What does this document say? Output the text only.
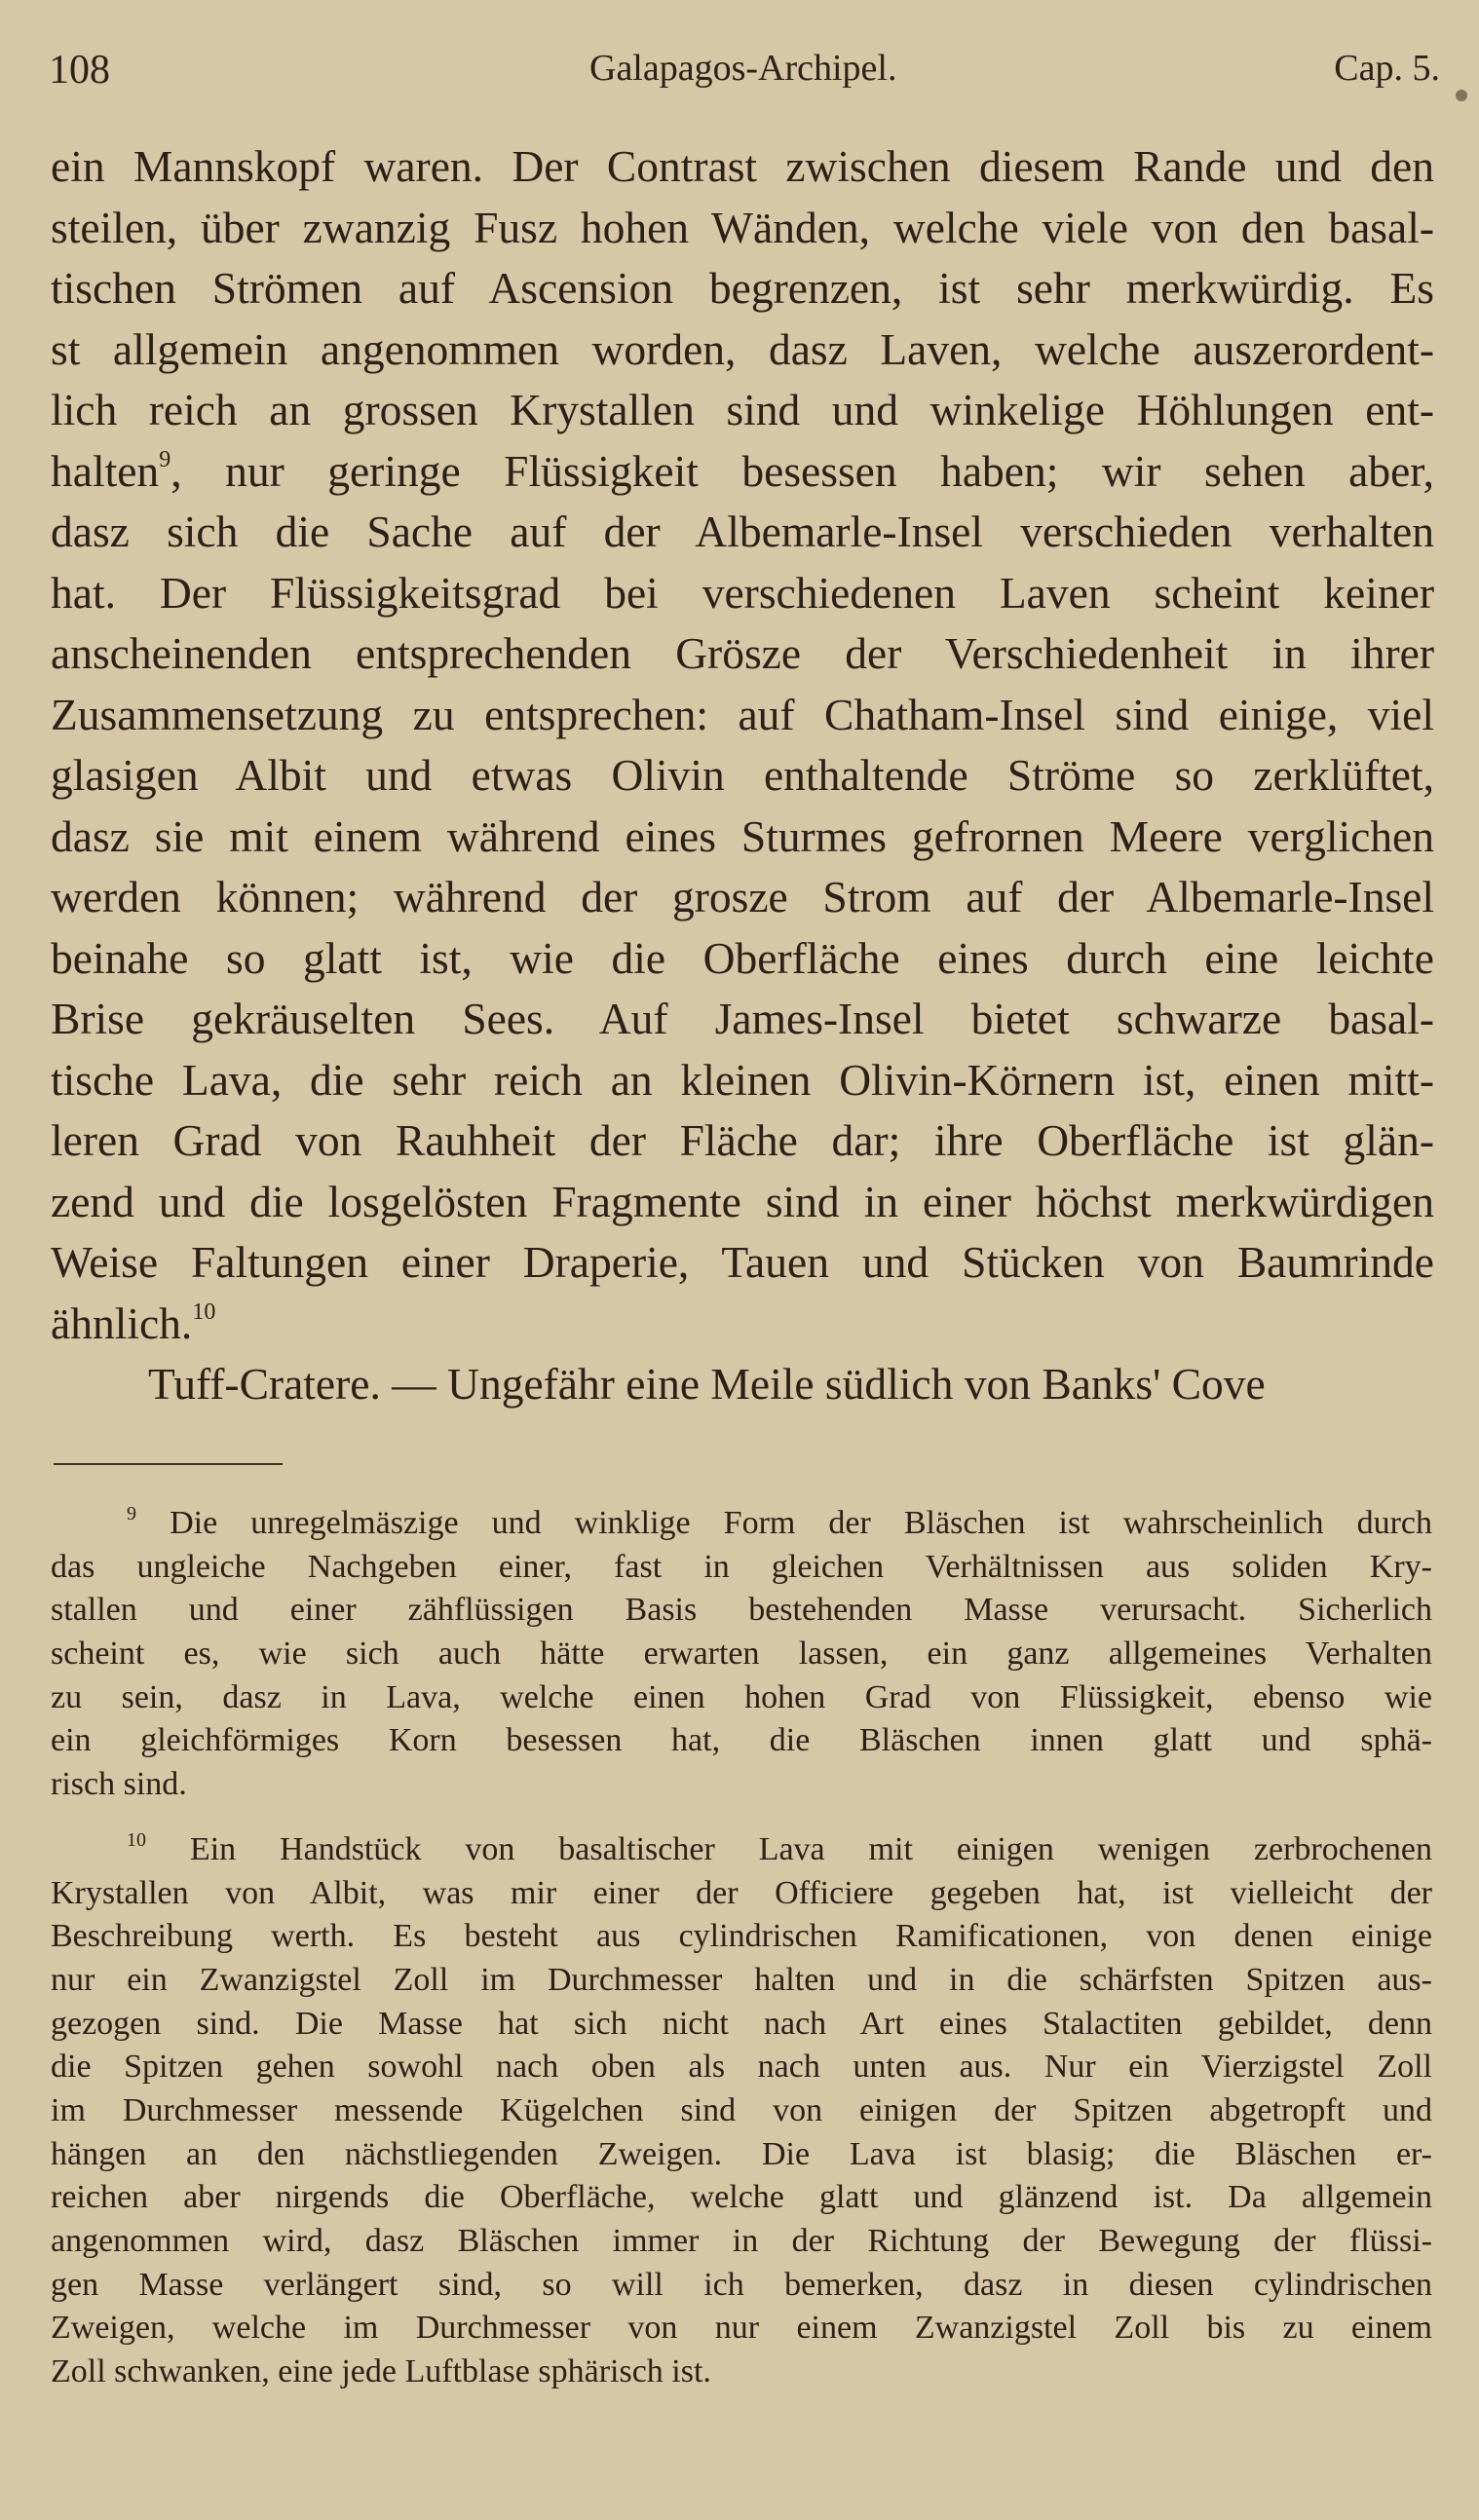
108	Galapagos-Archipel.	Cap. 5.
ein Mannskopf waren. Der Contrast zwischen diesem Rande und den
steilen, über zwanzig Fusz hohen Wänden, welche viele von den basal-
tischen Strömen auf Ascension begrenzen, ist sehr merkwürdig. Es
st allgemein angenommen worden, dasz Laven, welche auszerordent-
lich reich an grossen Krystallen sind und winkelige Höhlungen ent-
halten$^9$, nur geringe Flüssigkeit besessen haben; wir sehen aber,
dasz sich die Sache auf der Albemarle-Insel verschieden verhalten
hat. Der Flüssigkeitsgrad bei verschiedenen Laven scheint keiner
anscheinenden entsprechenden Grösze der Verschiedenheit in ihrer
Zusammensetzung zu entsprechen: auf Chatham-Insel sind einige, viel
glasigen Albit und etwas Olivin enthaltende Ströme so zerklüftet,
dasz sie mit einem während eines Sturmes gefrornen Meere verglichen
werden können; während der grosze Strom auf der Albemarle-Insel
beinahe so glatt ist, wie die Oberfläche eines durch eine leichte
Brise gekräuselten Sees. Auf James-Insel bietet schwarze basal-
tische Lava, die sehr reich an kleinen Olivin-Körnern ist, einen mitt-
leren Grad von Rauhheit der Fläche dar; ihre Oberfläche ist glän-
zend und die losgelösten Fragmente sind in einer höchst merkwürdigen
Weise Faltungen einer Draperie, Tauen und Stücken von Baumrinde
ähnlich.$^{10}$
Tuff-Cratere. — Ungefähr eine Meile südlich von Banks' Cove
$^9$ Die unregelmäszige und winklige Form der Bläschen ist wahrscheinlich durch
das ungleiche Nachgeben einer, fast in gleichen Verhältnissen aus soliden Kry-
stallen und einer zähflüssigen Basis bestehenden Masse verursacht. Sicherlich
scheint es, wie sich auch hätte erwarten lassen, ein ganz allgemeines Verhalten
zu sein, dasz in Lava, welche einen hohen Grad von Flüssigkeit, ebenso wie
ein gleichförmiges Korn besessen hat, die Bläschen innen glatt und sphä-
risch sind.
$^{10}$ Ein Handstück von basaltischer Lava mit einigen wenigen zerbrochenen
Krystallen von Albit, was mir einer der Officiere gegeben hat, ist vielleicht der
Beschreibung werth. Es besteht aus cylindrischen Ramificationen, von denen einige
nur ein Zwanzigstel Zoll im Durchmesser halten und in die schärfsten Spitzen aus-
gezogen sind. Die Masse hat sich nicht nach Art eines Stalactiten gebildet, denn
die Spitzen gehen sowohl nach oben als nach unten aus. Nur ein Vierzigstel Zoll
im Durchmesser messende Kügelchen sind von einigen der Spitzen abgetropft und
hängen an den nächstliegenden Zweigen. Die Lava ist blasig; die Bläschen er-
reichen aber nirgends die Oberfläche, welche glatt und glänzend ist. Da allgemein
angenommen wird, dasz Bläschen immer in der Richtung der Bewegung der flüssi-
gen Masse verlängert sind, so will ich bemerken, dasz in diesen cylindrischen
Zweigen, welche im Durchmesser von nur einem Zwanzigstel Zoll bis zu einem
Zoll schwanken, eine jede Luftblase sphärisch ist.
